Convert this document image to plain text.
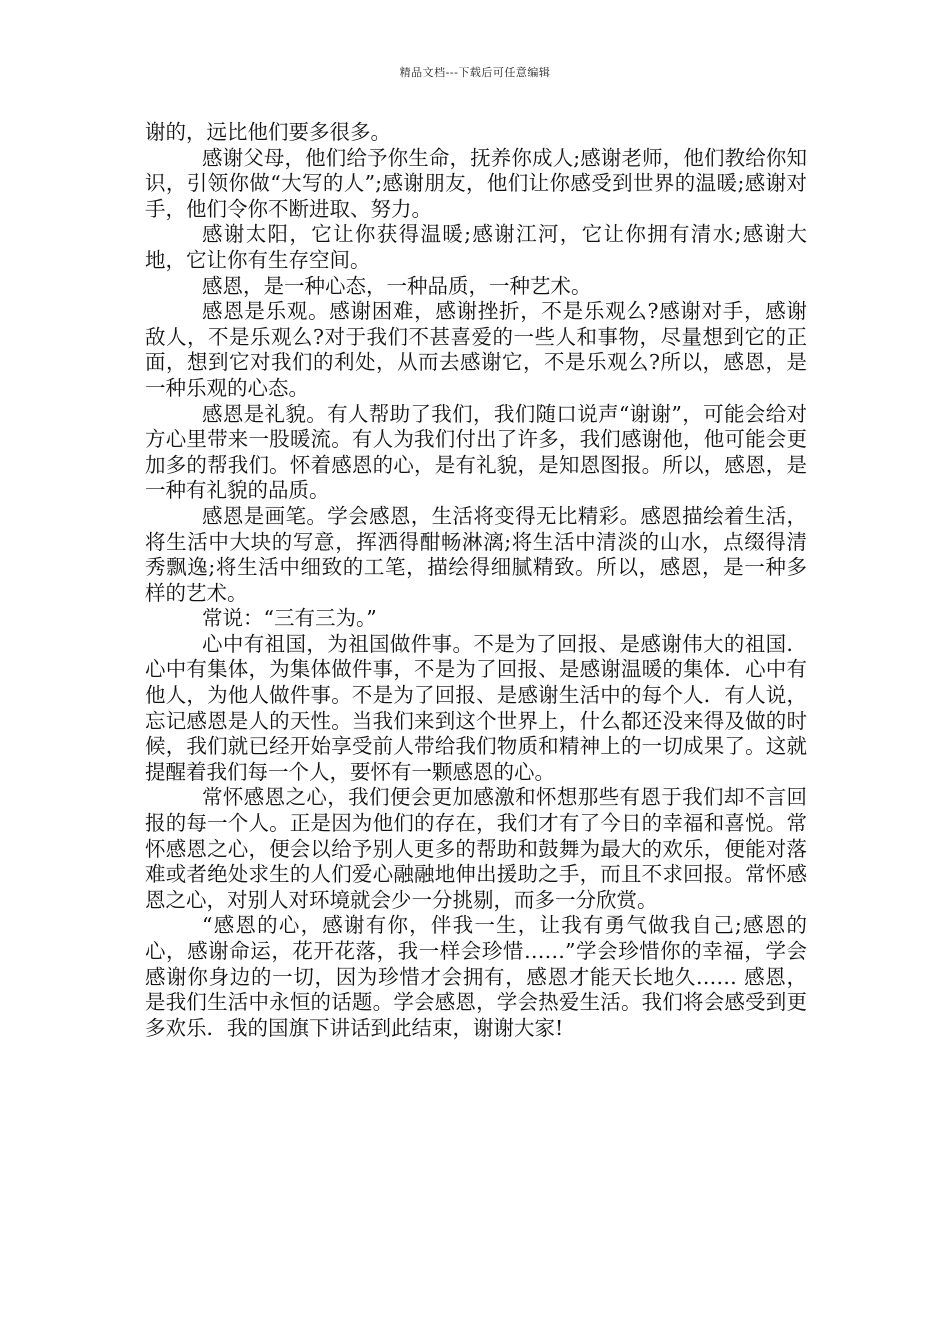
精品文档---下载后可任意编辑

谢的，远比他们要多很多。

感谢父母，他们给予你生命，抚养你成人;感谢老师，他们教给你知识，引领你做“大写的人”;感谢朋友，他们让你感受到世界的温暖;感谢对手，他们令你不断进取、努力。

感谢太阳，它让你获得温暖;感谢江河，它让你拥有清水;感谢大地，它让你有生存空间。

感恩，是一种心态，一种品质，一种艺术。

感恩是乐观。感谢困难，感谢挫折，不是乐观么?感谢对手，感谢敌人，不是乐观么?对于我们不甚喜爱的一些人和事物，尽量想到它的正面，想到它对我们的利处，从而去感谢它，不是乐观么?所以，感恩，是一种乐观的心态。

感恩是礼貌。有人帮助了我们，我们随口说声“谢谢”，可能会给对方心里带来一股暖流。有人为我们付出了许多，我们感谢他，他可能会更加多的帮我们。怀着感恩的心，是有礼貌，是知恩图报。所以，感恩，是一种有礼貌的品质。

感恩是画笔。学会感恩，生活将变得无比精彩。感恩描绘着生活，将生活中大块的写意，挥洒得酣畅淋漓;将生活中清淡的山水，点缀得清秀飘逸;将生活中细致的工笔，描绘得细腻精致。所以，感恩，是一种多样的艺术。

常说：“三有三为。”

心中有祖国，为祖国做件事。不是为了回报、是感谢伟大的祖国．心中有集体，为集体做件事，不是为了回报、是感谢温暖的集体．心中有他人，为他人做件事。不是为了回报、是感谢生活中的每个人．有人说，忘记感恩是人的天性。当我们来到这个世界上，什么都还没来得及做的时候，我们就已经开始享受前人带给我们物质和精神上的一切成果了。这就提醒着我们每一个人，要怀有一颗感恩的心。

常怀感恩之心，我们便会更加感激和怀想那些有恩于我们却不言回报的每一个人。正是因为他们的存在，我们才有了今日的幸福和喜悦。常怀感恩之心，便会以给予别人更多的帮助和鼓舞为最大的欢乐，便能对落难或者绝处求生的人们爱心融融地伸出援助之手，而且不求回报。常怀感恩之心，对别人对环境就会少一分挑剔，而多一分欣赏。

“感恩的心，感谢有你，伴我一生，让我有勇气做我自己;感恩的心，感谢命运，花开花落，我一样会珍惜……”学会珍惜你的幸福，学会感谢你身边的一切，因为珍惜才会拥有，感恩才能天长地久…… 感恩，是我们生活中永恒的话题。学会感恩，学会热爱生活。我们将会感受到更多欢乐．我的国旗下讲话到此结束，谢谢大家!
